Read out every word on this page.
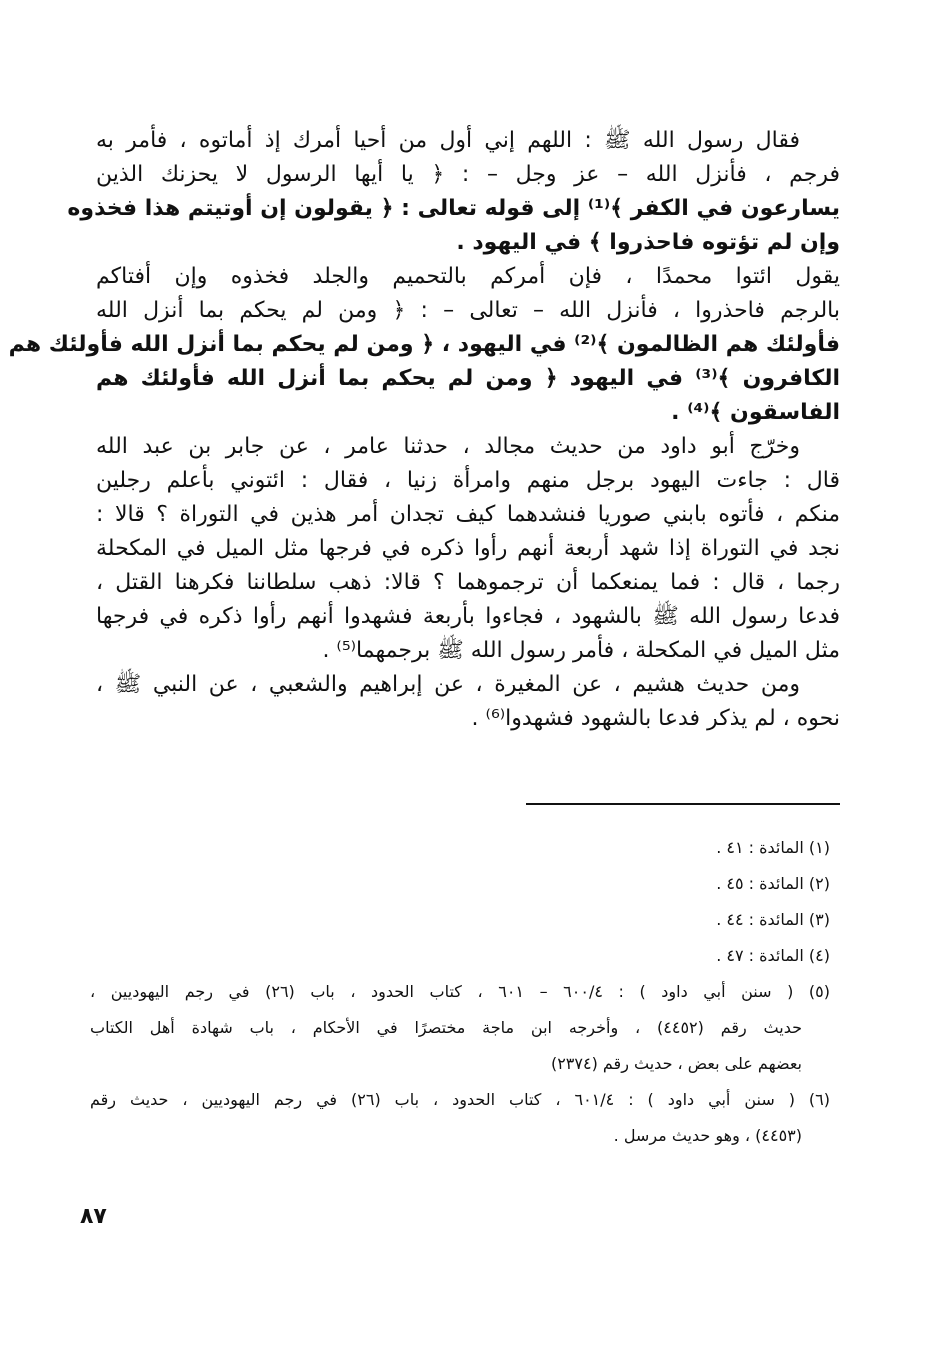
فقال رسول الله ﷺ : اللهم إني أول من أحيا أمرك إذ أماتوه ، فأمر به
فرجم ، فأنزل الله – عز وجل – : ﴿ يا أيها الرسول لا يحزنك الذين
يسارعون في الكفر ﴾⁽¹⁾ إلى قوله تعالى : ﴿ يقولون إن أوتيتم هذا فخذوه
وإن لم تؤتوه فاحذروا ﴾ في اليهود .
يقول ائتوا محمدًا ، فإن أمركم بالتحميم والجلد فخذوه وإن أفتاكم
بالرجم فاحذروا ، فأنزل الله – تعالى – : ﴿ ومن لم يحكم بما أنزل الله
فأولئك هم الظالمون ﴾⁽²⁾ في اليهود ، ﴿ ومن لم يحكم بما أنزل الله فأولئك هم
الكافرون ﴾⁽³⁾ في اليهود ﴿ ومن لم يحكم بما أنزل الله فأولئك هم
الفاسقون ﴾⁽⁴⁾ .
وخرّج أبو داود من حديث مجالد ، حدثنا عامر ، عن جابر بن عبد الله
قال : جاءت اليهود برجل منهم وامرأة زنيا ، فقال : ائتوني بأعلم رجلين
منكم ، فأتوه بابني صوريا فنشدهما كيف تجدان أمر هذين في التوراة ؟ قالا :
نجد في التوراة إذا شهد أربعة أنهم رأوا ذكره في فرجها مثل الميل في المكحلة
رجما ، قال : فما يمنعكما أن ترجموهما ؟ قالا: ذهب سلطاننا فكرهنا القتل ،
فدعا رسول الله ﷺ بالشهود ، فجاءوا بأربعة فشهدوا أنهم رأوا ذكره في فرجها
مثل الميل في المكحلة ، فأمر رسول الله ﷺ برجمهما⁽⁵⁾ .
ومن حديث هشيم ، عن المغيرة ، عن إبراهيم والشعبي ، عن النبي ﷺ ،
نحوه ، لم يذكر فدعا بالشهود فشهدوا⁽⁶⁾ .
(١) المائدة : ٤١ .
(٢) المائدة : ٤٥ .
(٣) المائدة : ٤٤ .
(٤) المائدة : ٤٧ .
(٥) ( سنن أبي داود ) : ٦٠٠/٤ – ٦٠١ ، كتاب الحدود ، باب (٢٦) في رجم اليهوديين ،
حديث رقم (٤٤٥٢) ، وأخرجه ابن ماجة مختصرًا في الأحكام ، باب شهادة أهل الكتاب
بعضهم على بعض ، حديث رقم (٢٣٧٤)
(٦) ( سنن أبي داود ) : ٦٠١/٤ ، كتاب الحدود ، باب (٢٦) في رجم اليهوديين ، حديث رقم
(٤٤٥٣) ، وهو حديث مرسل .
٨٧
